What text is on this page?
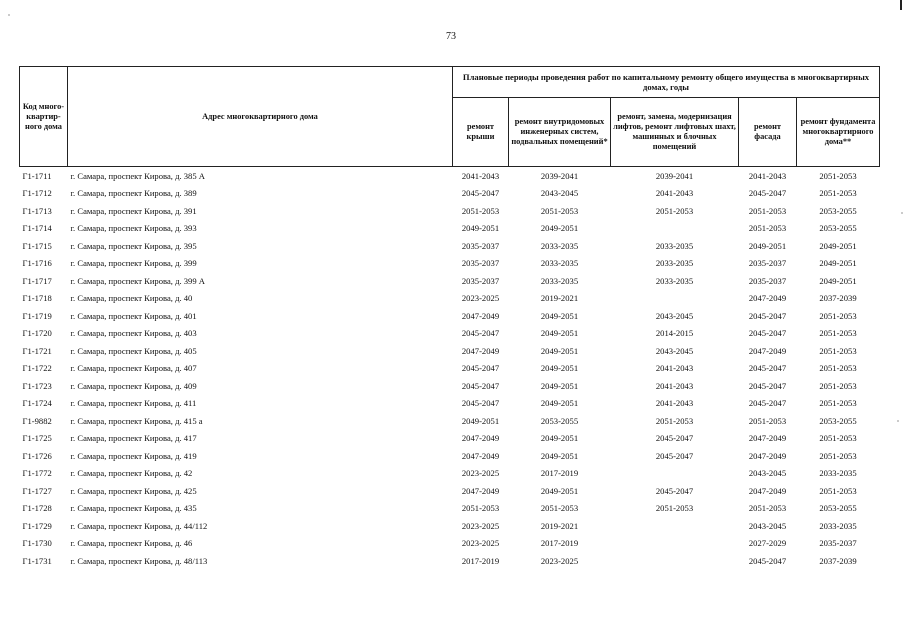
73
Код много-квартир-ного дома	Адрес многоквартирного дома	Плановые периоды проведения работ по капитальному ремонту общего имущества в многоквартирных домах, годы				
		ремонт крыши	ремонт внутридомовых инженерных систем, подвальных помещений*	ремонт, замена, модернизация лифтов, ремонт лифтовых шахт, машинных и блочных помещений	ремонт фасада	ремонт фундамента многоквартирного дома**
Г1-1711	г. Самара, проспект Кирова, д. 385 А	2041-2043	2039-2041	2039-2041	2041-2043	2051-2053
Г1-1712	г. Самара, проспект Кирова, д. 389	2045-2047	2043-2045	2041-2043	2045-2047	2051-2053
Г1-1713	г. Самара, проспект Кирова, д. 391	2051-2053	2051-2053	2051-2053	2051-2053	2053-2055
Г1-1714	г. Самара, проспект Кирова, д. 393	2049-2051	2049-2051		2051-2053	2053-2055
Г1-1715	г. Самара, проспект Кирова, д. 395	2035-2037	2033-2035	2033-2035	2049-2051	2049-2051
Г1-1716	г. Самара, проспект Кирова, д. 399	2035-2037	2033-2035	2033-2035	2035-2037	2049-2051
Г1-1717	г. Самара, проспект Кирова, д. 399 А	2035-2037	2033-2035	2033-2035	2035-2037	2049-2051
Г1-1718	г. Самара, проспект Кирова, д. 40	2023-2025	2019-2021		2047-2049	2037-2039
Г1-1719	г. Самара, проспект Кирова, д. 401	2047-2049	2049-2051	2043-2045	2045-2047	2051-2053
Г1-1720	г. Самара, проспект Кирова, д. 403	2045-2047	2049-2051	2014-2015	2045-2047	2051-2053
Г1-1721	г. Самара, проспект Кирова, д. 405	2047-2049	2049-2051	2043-2045	2047-2049	2051-2053
Г1-1722	г. Самара, проспект Кирова, д. 407	2045-2047	2049-2051	2041-2043	2045-2047	2051-2053
Г1-1723	г. Самара, проспект Кирова, д. 409	2045-2047	2049-2051	2041-2043	2045-2047	2051-2053
Г1-1724	г. Самара, проспект Кирова, д. 411	2045-2047	2049-2051	2041-2043	2045-2047	2051-2053
Г1-9882	г. Самара, проспект Кирова, д. 415 а	2049-2051	2053-2055	2051-2053	2051-2053	2053-2055
Г1-1725	г. Самара, проспект Кирова, д. 417	2047-2049	2049-2051	2045-2047	2047-2049	2051-2053
Г1-1726	г. Самара, проспект Кирова, д. 419	2047-2049	2049-2051	2045-2047	2047-2049	2051-2053
Г1-1772	г. Самара, проспект Кирова, д. 42	2023-2025	2017-2019		2043-2045	2033-2035
Г1-1727	г. Самара, проспект Кирова, д. 425	2047-2049	2049-2051	2045-2047	2047-2049	2051-2053
Г1-1728	г. Самара, проспект Кирова, д. 435	2051-2053	2051-2053	2051-2053	2051-2053	2053-2055
Г1-1729	г. Самара, проспект Кирова, д. 44/112	2023-2025	2019-2021		2043-2045	2033-2035
Г1-1730	г. Самара, проспект Кирова, д. 46	2023-2025	2017-2019		2027-2029	2035-2037
Г1-1731	г. Самара, проспект Кирова, д. 48/113	2017-2019	2023-2025		2045-2047	2037-2039
